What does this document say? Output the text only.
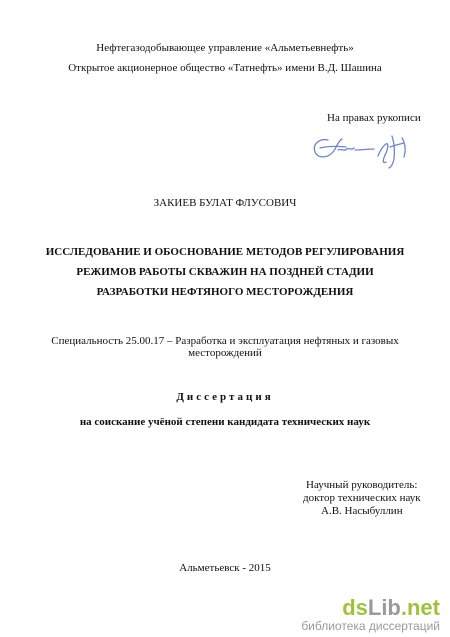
Нефтегазодобывающее управление «Альметьевнефть»
Открытое акционерное общество «Татнефть» имени В.Д. Шашина
На правах рукописи
ЗАКИЕВ БУЛАТ ФЛУСОВИЧ
ИССЛЕДОВАНИЕ И ОБОСНОВАНИЕ МЕТОДОВ РЕГУЛИРОВАНИЯ
РЕЖИМОВ РАБОТЫ СКВАЖИН НА ПОЗДНЕЙ СТАДИИ
РАЗРАБОТКИ НЕФТЯНОГО МЕСТОРОЖДЕНИЯ
Специальность 25.00.17 – Разработка и эксплуатация нефтяных и газовых
месторождений
Диссертация
на соискание учёной степени кандидата технических наук
Научный руководитель:
доктор технических наук
А.В. Насыбуллин
Альметьевск - 2015
dsLib.net
библиотека диссертаций
